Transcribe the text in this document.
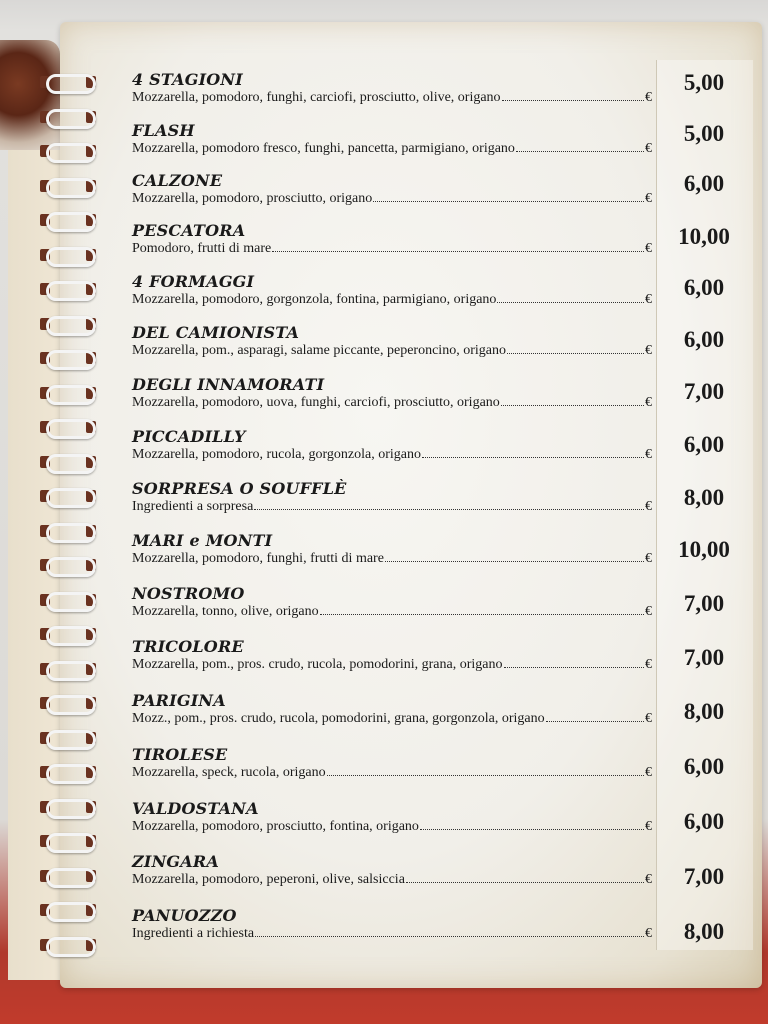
4 STAGIONI
Mozzarella, pomodoro, funghi, carciofi, prosciutto, olive, origano	€
5,00
FLASH
Mozzarella, pomodoro fresco, funghi, pancetta, parmigiano, origano	€
5,00
CALZONE
Mozzarella, pomodoro, prosciutto, origano	€
6,00
PESCATORA
Pomodoro, frutti di mare	€	10,00
4 FORMAGGI
Mozzarella, pomodoro, gorgonzola, fontina, parmigiano, origano	€	6,00
DEL CAMIONISTA
Mozzarella, pom., asparagi, salame piccante, peperoncino, origano	€	6,00
DEGLI INNAMORATI
Mozzarella, pomodoro, uova, funghi, carciofi, prosciutto, origano	€	7,00
PICCADILLY
Mozzarella, pomodoro, rucola, gorgonzola, origano	€	6,00
SORPRESA O SOUFFLÈ
Ingredienti a sorpresa	€	8,00
MARI e MONTI
Mozzarella, pomodoro, funghi, frutti di mare	€	10,00
NOSTROMO
Mozzarella, tonno, olive, origano	€	7,00
TRICOLORE
Mozzarella, pom., pros. crudo, rucola, pomodorini, grana, origano	€	7,00
PARIGINA
Mozz., pom., pros. crudo, rucola, pomodorini, grana, gorgonzola, origano	€	8,00
TIROLESE
Mozzarella, speck, rucola, origano	€	6,00
VALDOSTANA
Mozzarella, pomodoro, prosciutto, fontina, origano	€	6,00
ZINGARA
Mozzarella, pomodoro, peperoni, olive, salsiccia	€	7,00
PANUOZZO
Ingredienti a richiesta	€	8,00
